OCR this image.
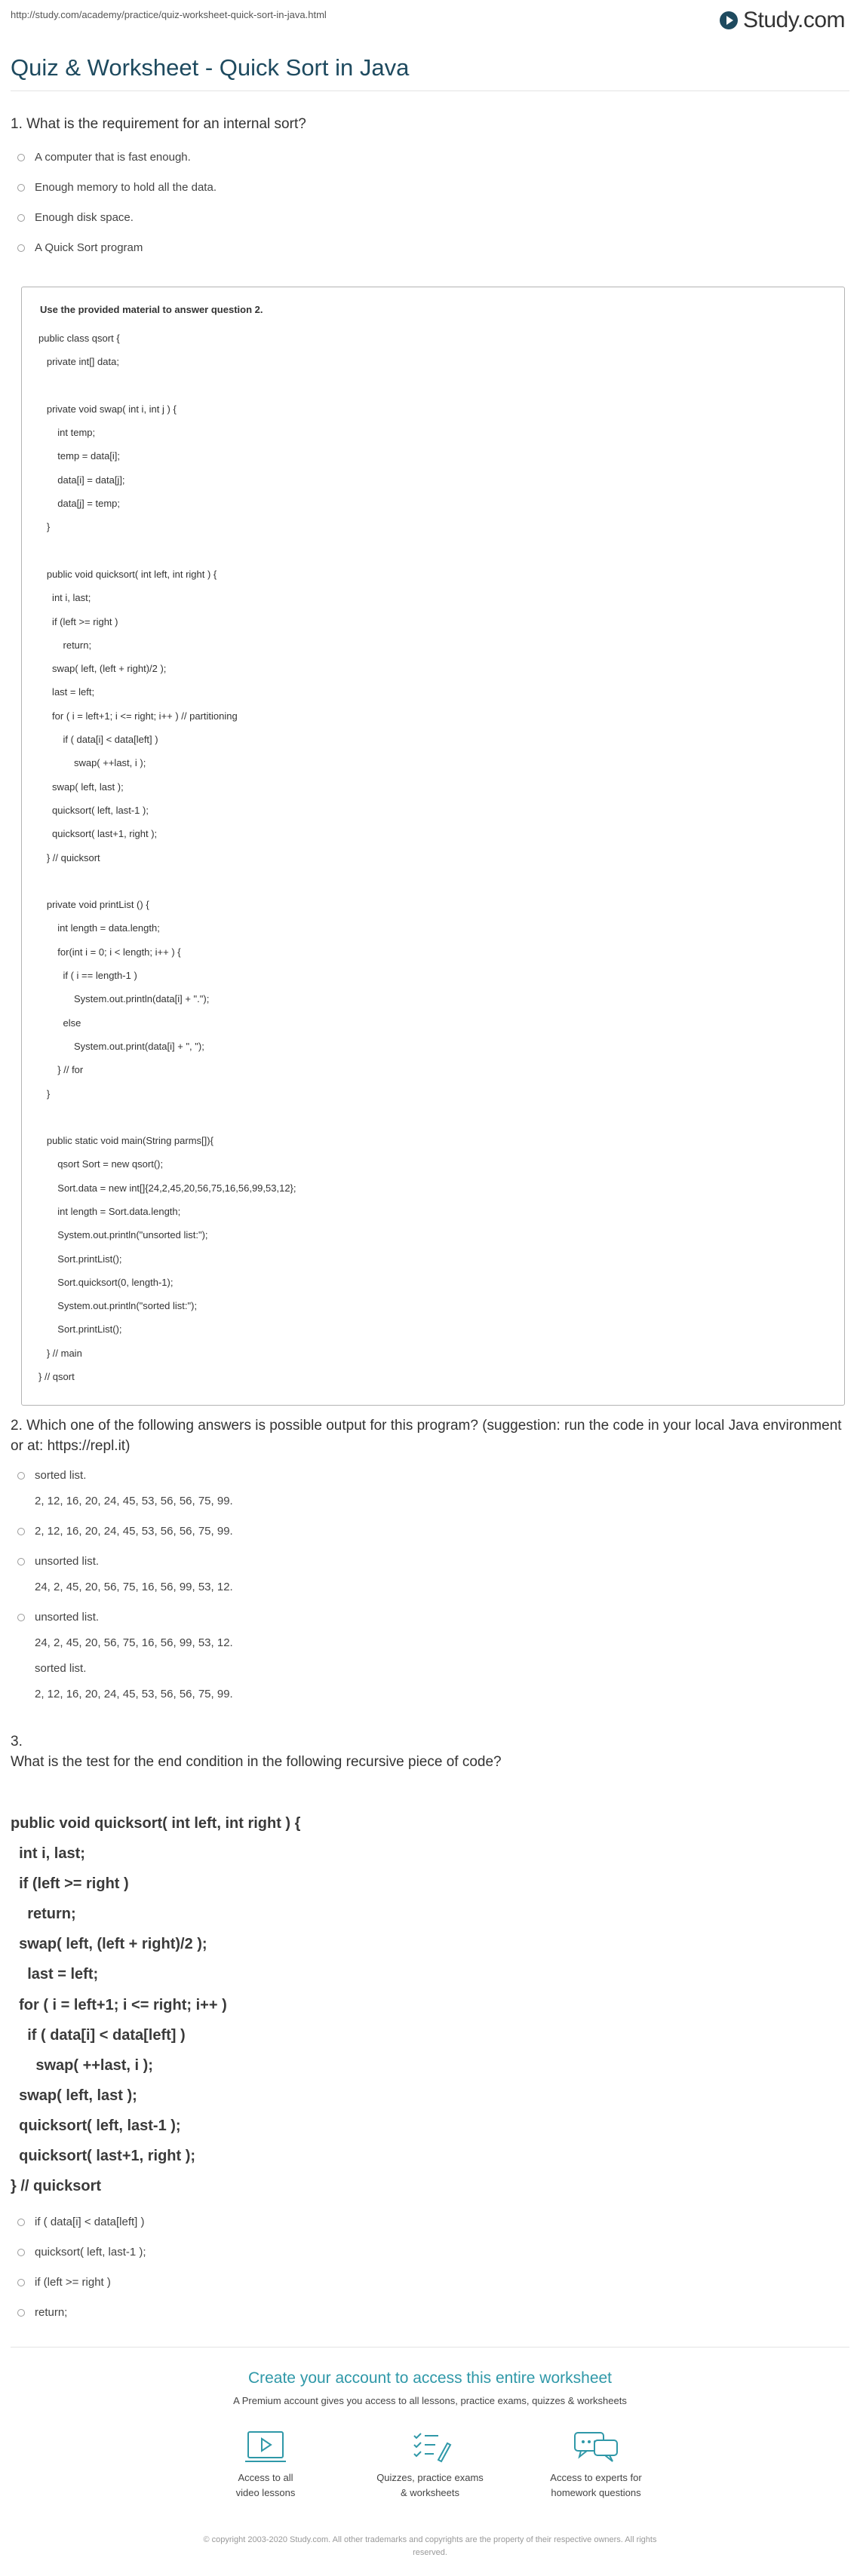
http://study.com/academy/practice/quiz-worksheet-quick-sort-in-java.html	Study.com
Quiz & Worksheet - Quick Sort in Java

1. What is the requirement for an internal sort?

A computer that is fast enough.
Enough memory to hold all the data.
Enough disk space.
A Quick Sort program
Use the provided material to answer question 2.
public class qsort {
private int[] data;
private void swap( int i, int j ) {
int temp;
temp = data[i];
data[i] = data[j];
data[j] = temp;
}
public void quicksort( int left, int right ) {
int i, last;
if (left >= right )
return;
swap( left, (left + right)/2 );
last = left;
for ( i = left+1; i <= right; i++ ) // partitioning
if ( data[i] < data[left] )
swap( ++last, i );
swap( left, last );
quicksort( left, last-1 );
quicksort( last+1, right );
} // quicksort
private void printList () {
int length = data.length;
for(int i = 0; i < length; i++ ) {
if ( i == length-1 )
System.out.println(data[i] + ".");
else
System.out.print(data[i] + ", ");
} // for
}
public static void main(String parms[]){
qsort Sort = new qsort();
Sort.data = new int[]{24,2,45,20,56,75,16,56,99,53,12};
int length = Sort.data.length;
System.out.println("unsorted list:");
Sort.printList();
Sort.quicksort(0, length-1);
System.out.println("sorted list:");
Sort.printList();
} // main
} // qsort

2. Which one of the following answers is possible output for this program? (suggestion: run the code in your local Java environment or at: https://repl.it)

sorted list.
2, 12, 16, 20, 24, 45, 53, 56, 56, 75, 99.
2, 12, 16, 20, 24, 45, 53, 56, 56, 75, 99.
unsorted list.
24, 2, 45, 20, 56, 75, 16, 56, 99, 53, 12.
unsorted list.
24, 2, 45, 20, 56, 75, 16, 56, 99, 53, 12.
sorted list.
2, 12, 16, 20, 24, 45, 53, 56, 56, 75, 99.

3.

What is the test for the end condition in the following recursive piece of code?

public void quicksort( int left, int right ) {
int i, last;
if (left >= right )
return;
swap( left, (left + right)/2 );
last = left;
for ( i = left+1; i <= right; i++ )
if ( data[i] < data[left] )
swap( ++last, i );
swap( left, last );
quicksort( left, last-1 );
quicksort( last+1, right );
} // quicksort
if ( data[i] < data[left] )
quicksort( left, last-1 );
if (left >= right )
return;
Create your account to access this entire worksheet
A Premium account gives you access to all lessons, practice exams, quizzes & worksheets
Access to all
video lessons
Quizzes, practice exams
& worksheets
Access to experts for
homework questions
© copyright 2003-2020 Study.com. All other trademarks and copyrights are the property of their respective owners. All rights
reserved.
